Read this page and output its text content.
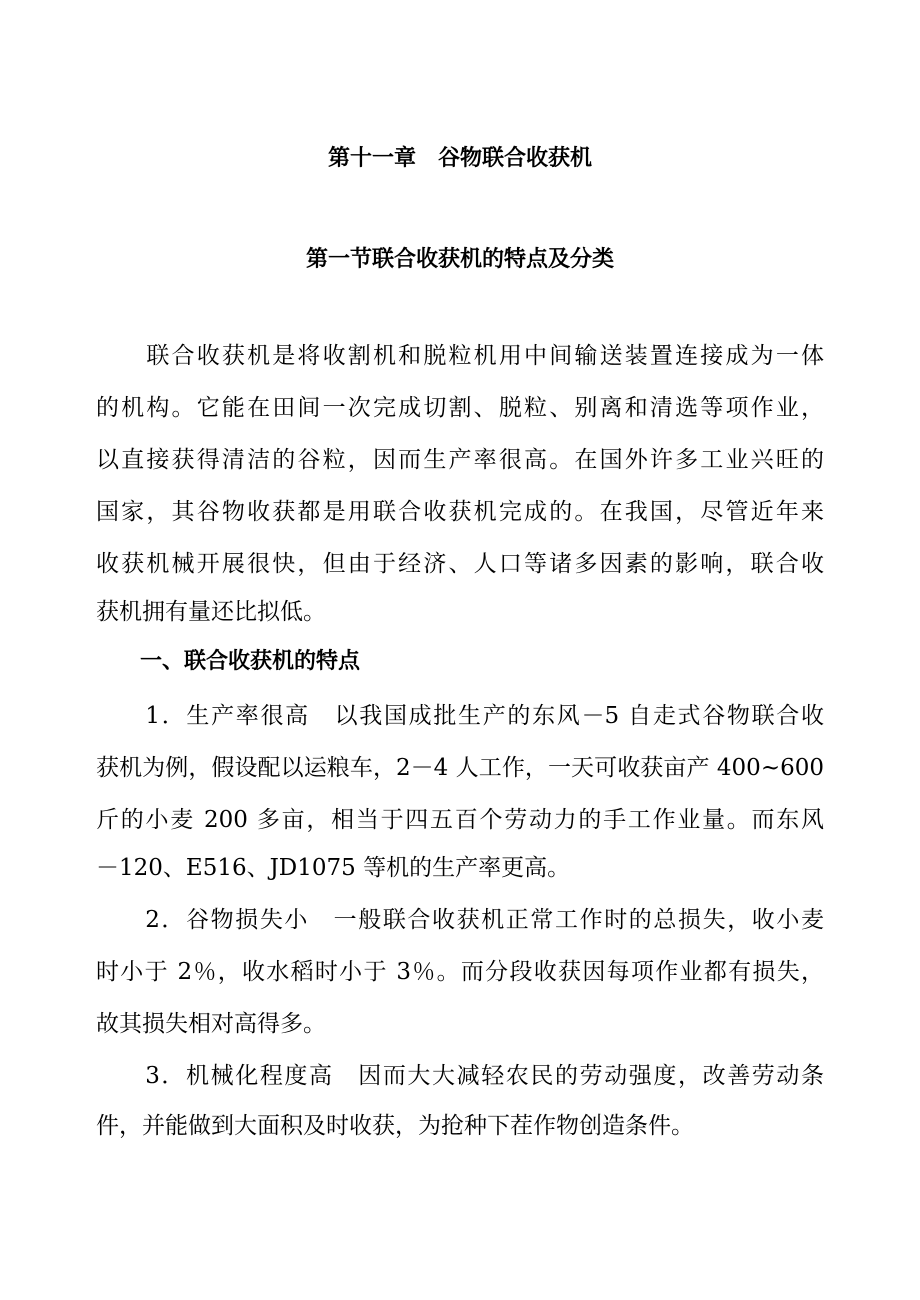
第十一章　谷物联合收获机
第一节联合收获机的特点及分类
　　联合收获机是将收割机和脱粒机用中间输送装置连接成为一体
的机构。它能在田间一次完成切割、脱粒、别离和清选等项作业，
以直接获得清洁的谷粒，因而生产率很高。在国外许多工业兴旺的
国家，其谷物收获都是用联合收获机完成的。在我国，尽管近年来
收获机械开展很快，但由于经济、人口等诸多因素的影响，联合收
获机拥有量还比拟低。
　　一、联合收获机的特点
　　1．生产率很高　以我国成批生产的东风－5 自走式谷物联合收
获机为例，假设配以运粮车，2－4 人工作，一天可收获亩产 400~600
斤的小麦 200 多亩，相当于四五百个劳动力的手工作业量。而东风
－120、E516、JD1075 等机的生产率更高。
　　2．谷物损失小　一般联合收获机正常工作时的总损失，收小麦
时小于 2％，收水稻时小于 3％。而分段收获因每项作业都有损失，
故其损失相对高得多。
　　3．机械化程度高　因而大大减轻农民的劳动强度，改善劳动条
件，并能做到大面积及时收获，为抢种下茬作物创造条件。
